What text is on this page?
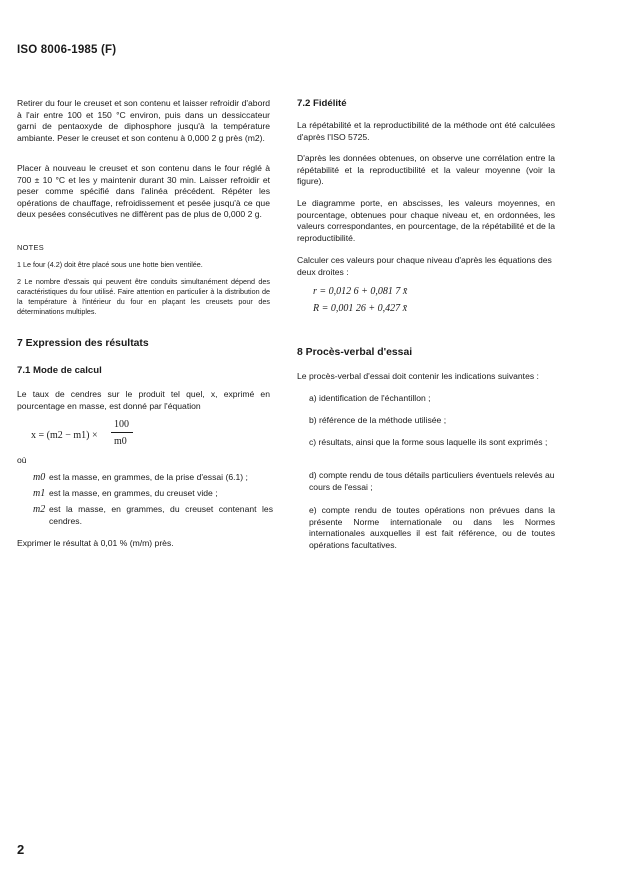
ISO 8006-1985 (F)

Retirer du four le creuset et son contenu et laisser refroidir d'abord à l'air entre 100 et 150 °C environ, puis dans un dessiccateur garni de pentaoxyde de diphosphore jusqu'à la température ambiante. Peser le creuset et son contenu à 0,000 2 g près (m2).

Placer à nouveau le creuset et son contenu dans le four réglé à 700 ± 10 °C et les y maintenir durant 30 min. Laisser refroidir et peser comme spécifié dans l'alinéa précédent. Répéter les opérations de chauffage, refroidissement et pesée jusqu'à ce que deux pesées consécutives ne diffèrent pas de plus de 0,000 2 g.

NOTES

1 Le four (4.2) doit être placé sous une hotte bien ventilée.

2 Le nombre d'essais qui peuvent être conduits simultanément dépend des caractéristiques du four utilisé. Faire attention en particulier à la distribution de la température à l'intérieur du four en plaçant les creusets pour des déterminations multiples.

7 Expression des résultats
7.1 Mode de calcul

Le taux de cendres sur le produit tel quel, x, exprimé en pourcentage en masse, est donné par l'équation

x = (m2 − m1) ×
100
m0
où
m0 est la masse, en grammes, de la prise d'essai (6.1) ;
m1 est la masse, en grammes, du creuset vide ;
m2 est la masse, en grammes, du creuset contenant les cendres.

Exprimer le résultat à 0,01 % (m/m) près.

7.2 Fidélité

La répétabilité et la reproductibilité de la méthode ont été calculées d'après l'ISO 5725.

D'après les données obtenues, on observe une corrélation entre la répétabilité et la reproductibilité et la valeur moyenne (voir la figure).

Le diagramme porte, en abscisses, les valeurs moyennes, en pourcentage, obtenues pour chaque niveau et, en ordonnées, les valeurs correspondantes, en pourcentage, de la répétabilité et de la reproductibilité.

Calculer ces valeurs pour chaque niveau d'après les équations des deux droites :

r = 0,012 6 + 0,081 7 x̄
R = 0,001 26 + 0,427 x̄
8 Procès-verbal d'essai

Le procès-verbal d'essai doit contenir les indications suivantes :

a) identification de l'échantillon ;

b) référence de la méthode utilisée ;

c) résultats, ainsi que la forme sous laquelle ils sont exprimés ;

d) compte rendu de tous détails particuliers éventuels relevés au cours de l'essai ;

e) compte rendu de toutes opérations non prévues dans la présente Norme internationale ou dans les Normes internationales auxquelles il est fait référence, ou de toutes opérations facultatives.

2
